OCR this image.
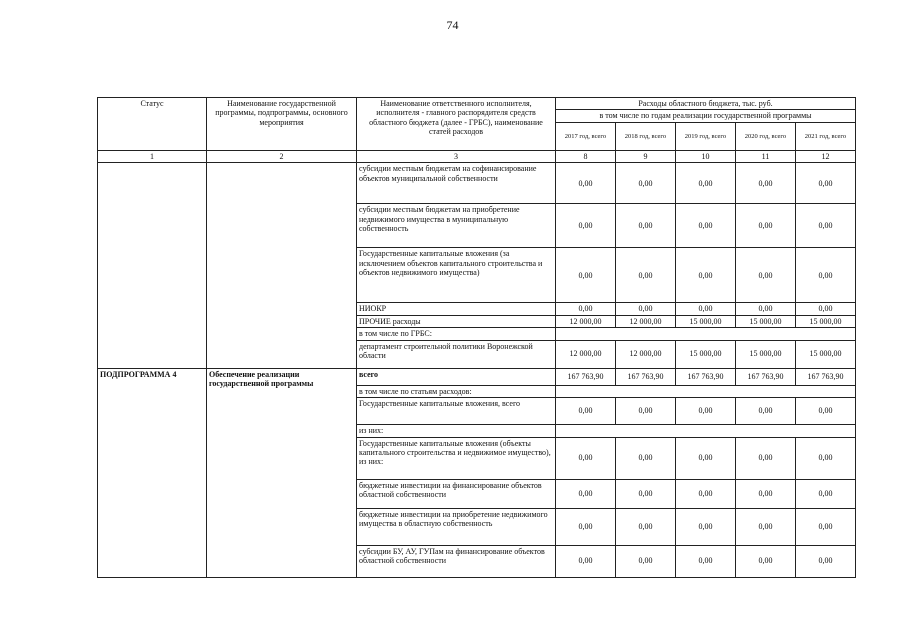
74
Статус	Наименование государственной программы, подпрограммы, основного мероприятия	Наименование ответственного исполнителя, исполнителя - главного распорядителя средств областного бюджета (далее - ГРБС), наименование статей расходов	Расходы областного бюджета, тыс. руб.				
			в том числе по годам реализации государственной программы				
			2017 год, всего	2018 год, всего	2019 год, всего	2020 год, всего	2021 год, всего
1	2	3	8	9	10	11	12
		субсидии местным бюджетам на софинансирование объектов муниципальной собственности	0,00	0,00	0,00	0,00	0,00
		субсидии местным бюджетам на приобретение недвижимого имущества в муниципальную собственность	0,00	0,00	0,00	0,00	0,00
		Государственные капитальные вложения (за исключением объектов капитального строительства и объектов недвижимого имущества)	0,00	0,00	0,00	0,00	0,00
		НИОКР	0,00	0,00	0,00	0,00	0,00
		ПРОЧИЕ расходы	12 000,00	12 000,00	15 000,00	15 000,00	15 000,00
		в том числе по ГРБС:					
		департамент строительной политики Воронежской области	12 000,00	12 000,00	15 000,00	15 000,00	15 000,00
ПОДПРОГРАММА 4	Обеспечение реализации государственной программы	всего	167 763,90	167 763,90	167 763,90	167 763,90	167 763,90
		в том числе по статьям расходов:					
		Государственные капитальные вложения, всего	0,00	0,00	0,00	0,00	0,00
		из них:					
		Государственные капитальные вложения (объекты капитального строительства и недвижимое имущество), из них:	0,00	0,00	0,00	0,00	0,00
		бюджетные инвестиции на финансирование объектов областной собственности	0,00	0,00	0,00	0,00	0,00
		бюджетные инвестиции на приобретение недвижимого имущества в областную собственность	0,00	0,00	0,00	0,00	0,00
		субсидии БУ, АУ, ГУПам на финансирование объектов областной собственности	0,00	0,00	0,00	0,00	0,00
